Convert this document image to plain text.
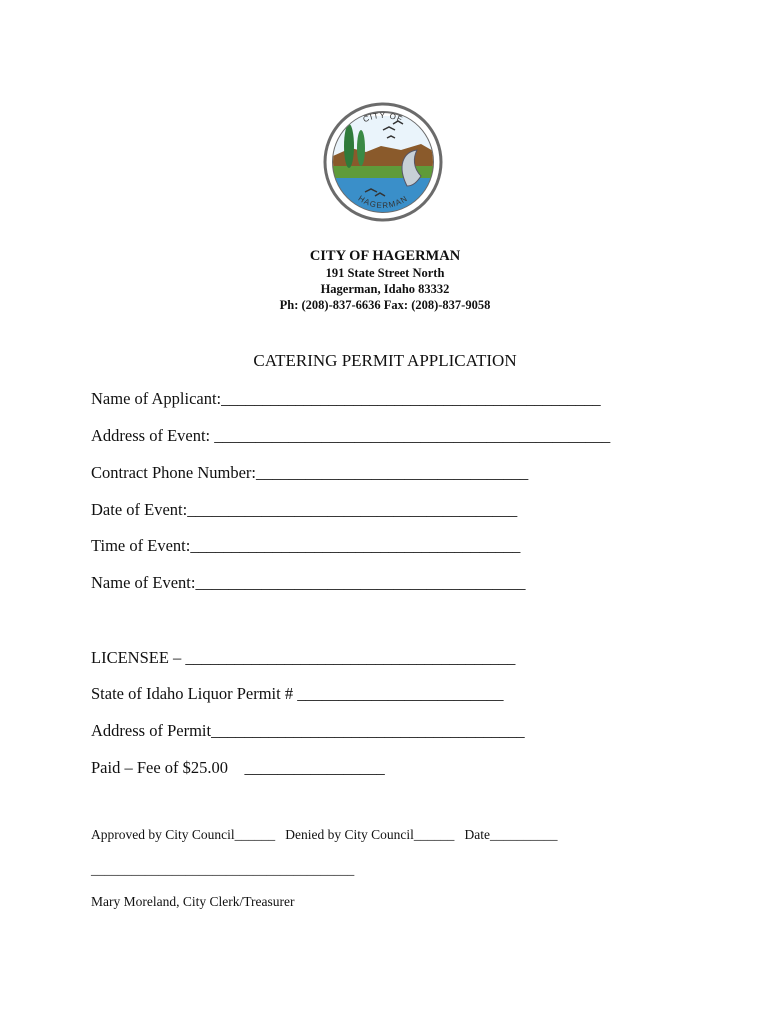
CITY OF
HAGERMAN
CITY OF HAGERMAN
191 State Street North
Hagerman, Idaho 83332
Ph: (208)-837-6636 Fax: (208)-837-9058
CATERING PERMIT APPLICATION
Name of Applicant:______________________________________________
Address of Event: ________________________________________________
Contract Phone Number:_________________________________
Date of Event:________________________________________
Time of Event:________________________________________
Name of Event:________________________________________
LICENSEE – ________________________________________
State of Idaho Liquor Permit # _________________________
Address of Permit______________________________________
Paid – Fee of $25.00 _________________
Approved by City Council______ Denied by City Council______ Date__________
_______________________________________
Mary Moreland, City Clerk/Treasurer
